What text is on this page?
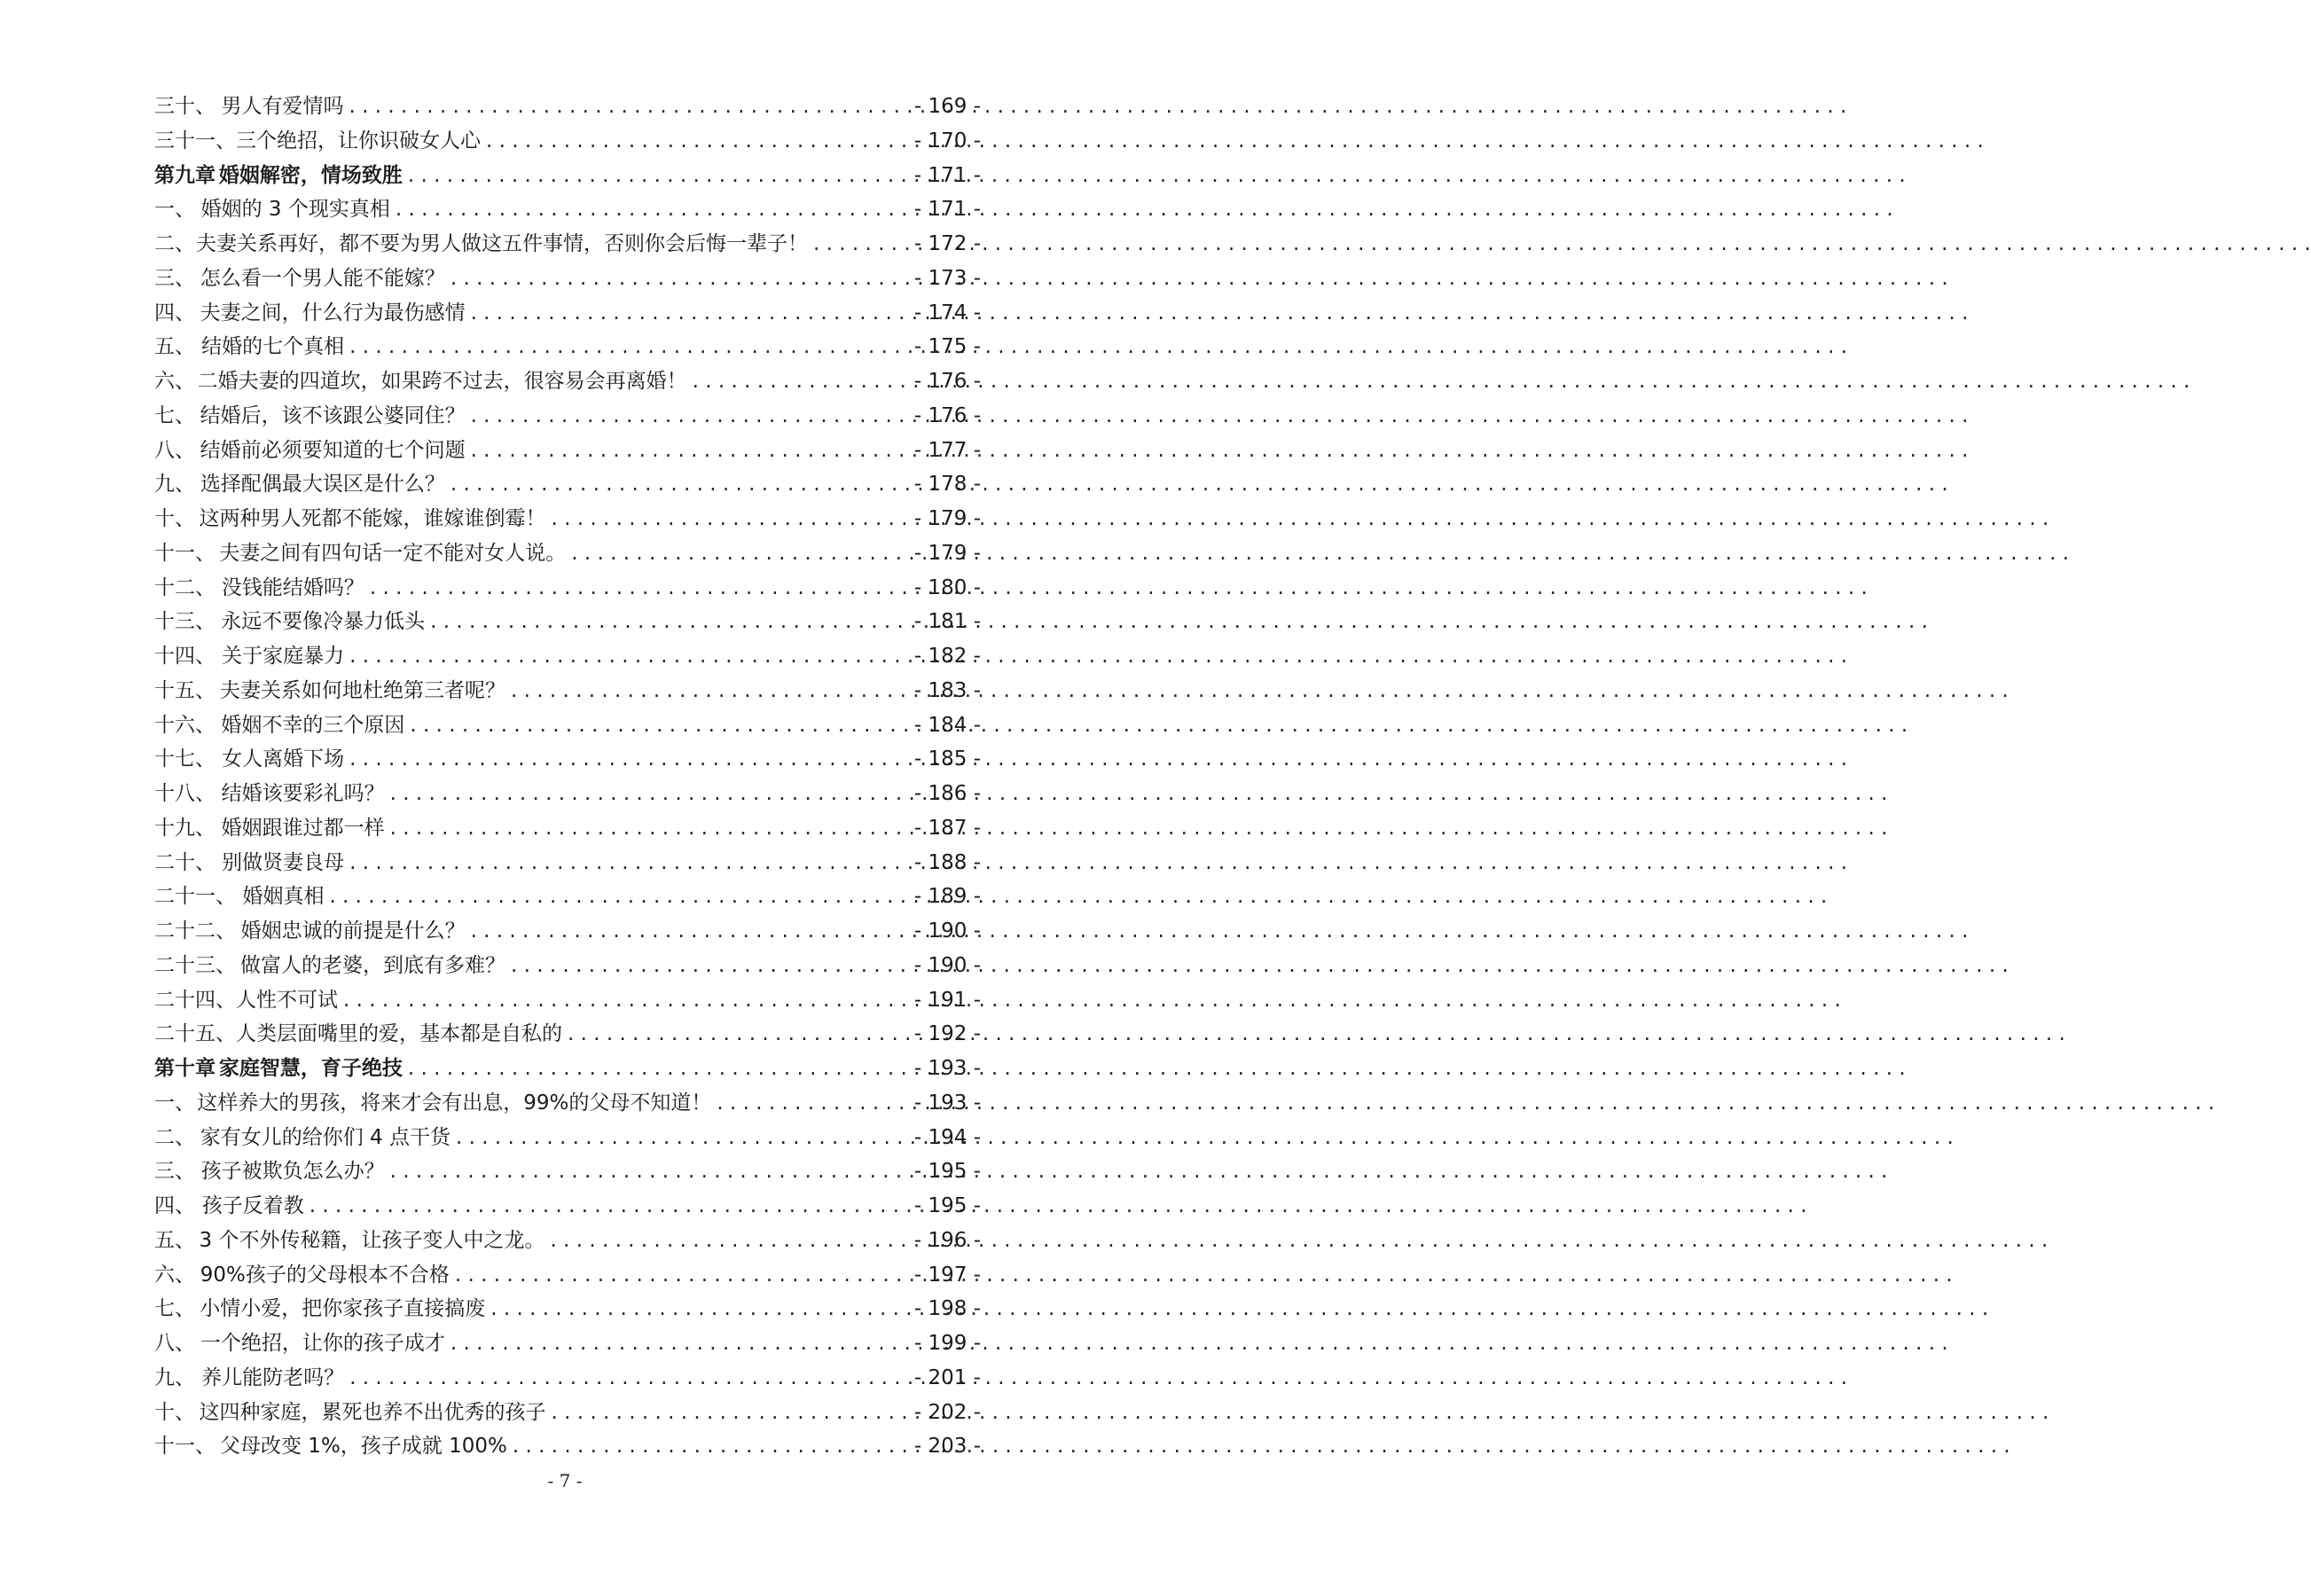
三十、 男人有爱情吗 . . .	- 169 -
三十一、 三个绝招，让你识破女人心 . . .	- 170 -
第九章 婚姻解密，情场致胜 . . .	- 171 -
一、 婚姻的 3 个现实真相 . . .	- 171 -
二、 夫妻关系再好，都不要为男人做这五件事情，否则你会后悔一辈子！ . . .	- 172 -
三、 怎么看一个男人能不能嫁？ . . .	- 173 -
四、 夫妻之间，什么行为最伤感情 . . .	- 174 -
五、 结婚的七个真相 . . .	- 175 -
六、 二婚夫妻的四道坎，如果跨不过去，很容易会再离婚！ . . .	- 176 -
七、 结婚后，该不该跟公婆同住？ . . .	- 176 -
八、 结婚前必须要知道的七个问题 . . .	- 177 -
九、 选择配偶最大误区是什么？ . . .	- 178 -
十、 这两种男人死都不能嫁，谁嫁谁倒霉！ . . .	- 179 -
十一、 夫妻之间有四句话一定不能对女人说。 . . .	- 179 -
十二、 没钱能结婚吗？ . . .	- 180 -
十三、 永远不要像冷暴力低头 . . .	- 181 -
十四、 关于家庭暴力 . . .	- 182 -
十五、 夫妻关系如何地杜绝第三者呢？ . . .	- 183 -
十六、 婚姻不幸的三个原因 . . .	- 184 -
十七、 女人离婚下场 . . .	- 185 -
十八、 结婚该要彩礼吗？ . . .	- 186 -
十九、 婚姻跟谁过都一样 . . .	- 187 -
二十、 别做贤妻良母 . . .	- 188 -
二十一、 婚姻真相 . . .	- 189 -
二十二、 婚姻忠诚的前提是什么？ . . .	- 190 -
二十三、 做富人的老婆，到底有多难？ . . .	- 190 -
二十四、 人性不可试 . . .	- 191 -
二十五、 人类层面嘴里的爱，基本都是自私的 . . .	- 192 -
第十章 家庭智慧，育子绝技 . . .	- 193 -
一、 这样养大的男孩，将来才会有出息，99%的父母不知道！ . . .	- 193 -
二、 家有女儿的给你们 4 点干货 . . .	- 194 -
三、 孩子被欺负怎么办？ . . .	- 195 -
四、 孩子反着教 . . .	- 195 -
五、 3 个不外传秘籍，让孩子变人中之龙。 . . .	- 196 -
六、 90%孩子的父母根本不合格 . . .	- 197 -
七、 小情小爱，把你家孩子直接搞废 . . .	- 198 -
八、 一个绝招，让你的孩子成才 . . .	- 199 -
九、 养儿能防老吗？ . . .	- 201 -
十、 这四种家庭，累死也养不出优秀的孩子 . . .	- 202 -
十一、 父母改变 1%，孩子成就 100% . . .	- 203 -
- 7 -
